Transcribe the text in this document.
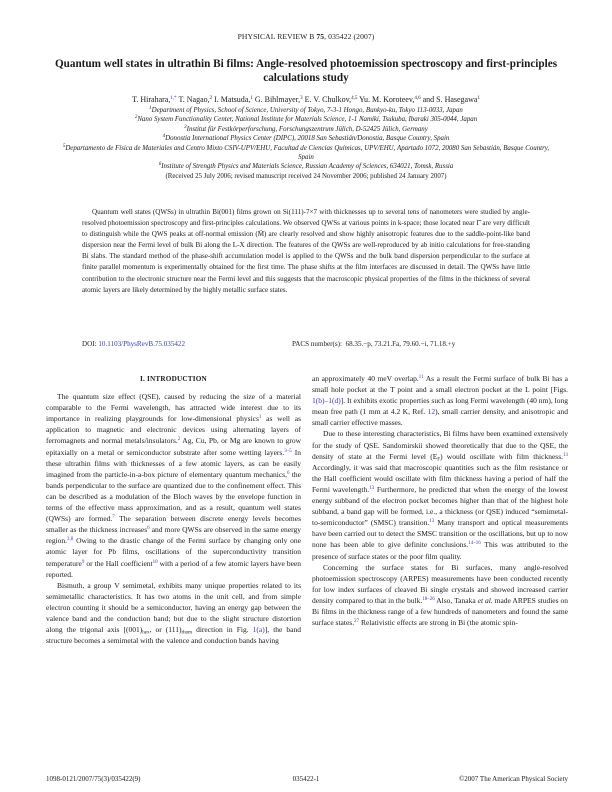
PHYSICAL REVIEW B 75, 035422 (2007)
Quantum well states in ultrathin Bi films: Angle-resolved photoemission spectroscopy and first-principles calculations study
T. Hirahara,$^{1,*}$ T. Nagao,$^2$ I. Matsuda,$^1$ G. Bihlmayer,$^3$ E. V. Chulkov,$^{4,5}$ Yu. M. Koroteev,$^{4,6}$ and S. Hasegawa$^1$
$^1$Department of Physics, School of Science, University of Tokyo, 7-3-1 Hongo, Bunkyo-ku, Tokyo 113-0033, Japan
$^2$Nano System Functionality Center, National Institute for Materials Science, 1-1 Namiki, Tsukuba, Ibaraki 305-0044, Japan
$^3$Institut für Festkörperforschung, Forschungszentrum Jülich, D-52425 Jülich, Germany
$^4$Donostia International Physics Center (DIPC), 20018 San Sebastián/Donostia, Basque Country, Spain
$^5$Departamento de Física de Materiales and Centro Mixto CSIV-UPV/EHU, Facultad de Ciencias Químicas, UPV/EHU, Apartado 1072, 20080 San Sebastián, Basque Country, Spain
$^6$Institute of Strength Physics and Materials Science, Russian Academy of Sciences, 634021, Tomsk, Russia
(Received 25 July 2006; revised manuscript received 24 November 2006; published 24 January 2007)
Quantum well states (QWSs) in ultrathin Bi(001) films grown on Si(111)-7×7 with thicknesses up to several tens of nanometers were studied by angle-resolved photoemission spectroscopy and first-principles calculations. We observed QWSs at various points in k-space; those located near Γ̄ are very difficult to distinguish while the QWS peaks at off-normal emission (M̄) are clearly resolved and show highly anisotropic features due to the saddle-point-like band dispersion near the Fermi level of bulk Bi along the L-X direction. The features of the QWSs are well-reproduced by ab initio calculations for free-standing Bi slabs. The standard method of the phase-shift accumulation model is applied to the QWSs and the bulk band dispersion perpendicular to the surface at finite parallel momentum is experimentally obtained for the first time. The phase shifts at the film interfaces are discussed in detail. The QWSs have little contribution to the electronic structure near the Fermi level and this suggests that the macroscopic physical properties of the films in the thickness of several atomic layers are likely determined by the highly metallic surface states.
DOI: 10.1103/PhysRevB.75.035422	PACS number(s): 68.35.−p, 73.21.Fa, 79.60.−i, 71.18.+y
I. INTRODUCTION

The quantum size effect (QSE), caused by reducing the size of a material comparable to the Fermi wavelength, has attracted wide interest due to its importance in realizing playgrounds for low-dimensional physics$^1$ as well as application to magnetic and electronic devices using alternating layers of ferromagnets and normal metals/insulators.$^2$ Ag, Cu, Pb, or Mg are known to grow epitaxially on a metal or semiconductor substrate after some wetting layers.$^{3-5}$ In these ultrathin films with thicknesses of a few atomic layers, as can be easily imagined from the particle-in-a-box picture of elementary quantum mechanics,$^6$ the bands perpendicular to the surface are quantized due to the confinement effect. This can be described as a modulation of the Bloch waves by the envelope function in terms of the effective mass approximation, and as a result, quantum well states (QWSs) are formed.$^7$ The separation between discrete energy levels becomes smaller as the thickness increases$^6$ and more QWSs are observed in the same energy region.$^{3,8}$ Owing to the drastic change of the Fermi surface by changing only one atomic layer for Pb films, oscillations of the superconductivity transition temperature$^9$ or the Hall coefficient$^{10}$ with a period of a few atomic layers have been reported.

Bismuth, a group V semimetal, exhibits many unique properties related to its semimetallic characteristics. It has two atoms in the unit cell, and from simple electron counting it should be a semiconductor, having an energy gap between the valence band and the conduction band; but due to the slight structure distortion along the trigonal axis [$(001)_{hex}$, or $(111)_{rhom}$ direction in Fig. 1(a)], the band structure becomes a semimetal with the valence and conduction bands having

an approximately 40 meV overlap.$^{11}$ As a result the Fermi surface of bulk Bi has a small hole pocket at the T point and a small electron pocket at the L point [Figs. 1(b)–1(d)]. It exhibits exotic properties such as long Fermi wavelength (40 nm), long mean free path (1 mm at 4.2 K, Ref. 12), small carrier density, and anisotropic and small carrier effective masses.

Due to these interesting characteristics, Bi films have been examined extensively for the study of QSE. Sandomirskii showed theoretically that due to the QSE, the density of state at the Fermi level $(E_F)$ would oscillate with film thickness.$^{13}$ Accordingly, it was said that macroscopic quantities such as the film resistance or the Hall coefficient would oscillate with film thickness having a period of half the Fermi wavelength.$^{13}$ Furthermore, he predicted that when the energy of the lowest energy subband of the electron pocket becomes higher than that of the highest hole subband, a band gap will be formed, i.e., a thickness (or QSE) induced “semimetal-to-semiconductor” (SMSC) transition.$^{13}$ Many transport and optical measurements have been carried out to detect the SMSC transition or the oscillations, but up to now none has been able to give definite conclusions.$^{14-16}$ This was attributed to the presence of surface states or the poor film quality.

Concerning the surface states for Bi surfaces, many angle-resolved photoemission spectroscopy (ARPES) measurements have been conducted recently for low index surfaces of cleaved Bi single crystals and showed increased carrier density compared to that in the bulk.$^{18-26}$ Also, Tanaka et al. made ARPES studies on Bi films in the thickness range of a few hundreds of nanometers and found the same surface states.$^{27}$ Relativistic effects are strong in Bi (the atomic spin-

1098-0121/2007/75(3)/035422(9)	035422-1	©2007 The American Physical Society
